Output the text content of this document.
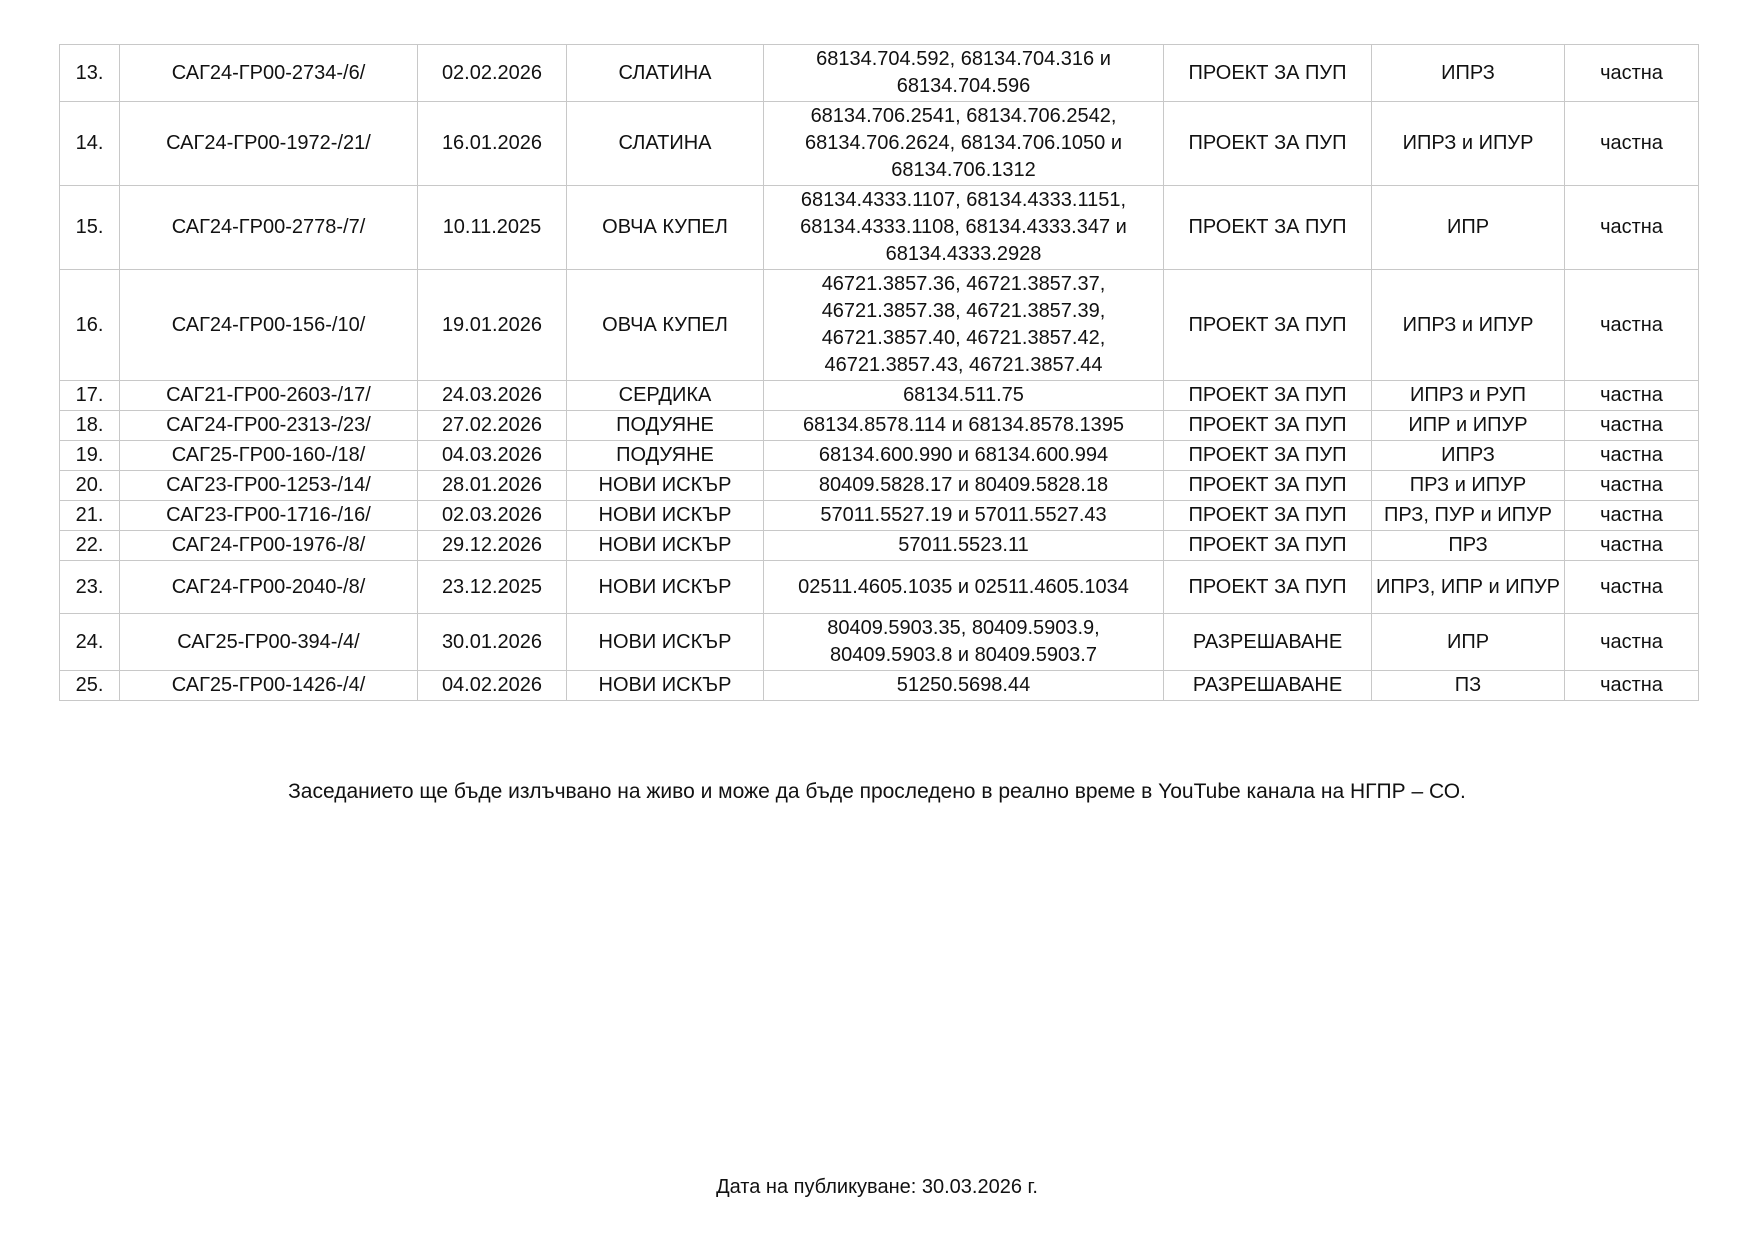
13.	САГ24-ГР00-2734-/6/	02.02.2026	СЛАТИНА	68134.704.592, 68134.704.316 и 68134.704.596	ПРОЕКТ ЗА ПУП	ИПРЗ	частна
14.	САГ24-ГР00-1972-/21/	16.01.2026	СЛАТИНА	68134.706.2541, 68134.706.2542, 68134.706.2624, 68134.706.1050 и 68134.706.1312	ПРОЕКТ ЗА ПУП	ИПРЗ и ИПУР	частна
15.	САГ24-ГР00-2778-/7/	10.11.2025	ОВЧА КУПЕЛ	68134.4333.1107, 68134.4333.1151, 68134.4333.1108, 68134.4333.347 и 68134.4333.2928	ПРОЕКТ ЗА ПУП	ИПР	частна
16.	САГ24-ГР00-156-/10/	19.01.2026	ОВЧА КУПЕЛ	46721.3857.36, 46721.3857.37, 46721.3857.38, 46721.3857.39, 46721.3857.40, 46721.3857.42, 46721.3857.43, 46721.3857.44	ПРОЕКТ ЗА ПУП	ИПРЗ и ИПУР	частна
17.	САГ21-ГР00-2603-/17/	24.03.2026	СЕРДИКА	68134.511.75	ПРОЕКТ ЗА ПУП	ИПРЗ и РУП	частна
18.	САГ24-ГР00-2313-/23/	27.02.2026	ПОДУЯНЕ	68134.8578.114 и 68134.8578.1395	ПРОЕКТ ЗА ПУП	ИПР и ИПУР	частна
19.	САГ25-ГР00-160-/18/	04.03.2026	ПОДУЯНЕ	68134.600.990 и 68134.600.994	ПРОЕКТ ЗА ПУП	ИПРЗ	частна
20.	САГ23-ГР00-1253-/14/	28.01.2026	НОВИ ИСКЪР	80409.5828.17 и 80409.5828.18	ПРОЕКТ ЗА ПУП	ПРЗ и ИПУР	частна
21.	САГ23-ГР00-1716-/16/	02.03.2026	НОВИ ИСКЪР	57011.5527.19 и 57011.5527.43	ПРОЕКТ ЗА ПУП	ПРЗ, ПУР и ИПУР	частна
22.	САГ24-ГР00-1976-/8/	29.12.2026	НОВИ ИСКЪР	57011.5523.11	ПРОЕКТ ЗА ПУП	ПРЗ	частна
23.	САГ24-ГР00-2040-/8/	23.12.2025	НОВИ ИСКЪР	02511.4605.1035 и 02511.4605.1034	ПРОЕКТ ЗА ПУП	ИПРЗ, ИПР и ИПУР	частна
24.	САГ25-ГР00-394-/4/	30.01.2026	НОВИ ИСКЪР	80409.5903.35, 80409.5903.9, 80409.5903.8 и 80409.5903.7	РАЗРЕШАВАНЕ	ИПР	частна
25.	САГ25-ГР00-1426-/4/	04.02.2026	НОВИ ИСКЪР	51250.5698.44	РАЗРЕШАВАНЕ	ПЗ	частна
Заседанието ще бъде излъчвано на живо и може да бъде проследено в реално време в YouTube канала на НГПР – СО.
Дата на публикуване: 30.03.2026 г.
